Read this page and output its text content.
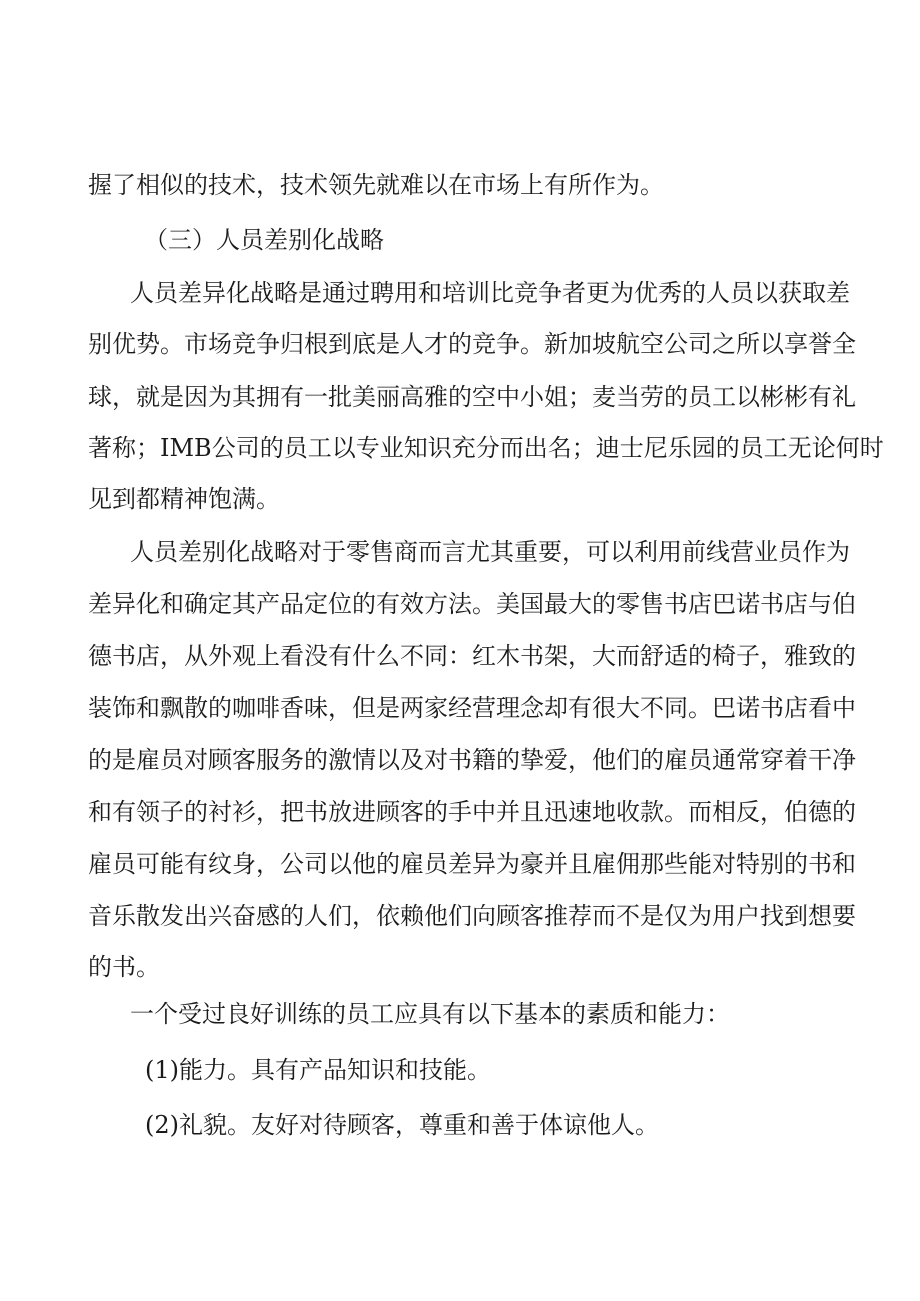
握了相似的技术，技术领先就难以在市场上有所作为。

（三）人员差别化战略

人员差异化战略是通过聘用和培训比竞争者更为优秀的人员以获取差

别优势。市场竞争归根到底是人才的竞争。新加坡航空公司之所以享誉全

球，就是因为其拥有一批美丽高雅的空中小姐；麦当劳的员工以彬彬有礼

著称；IMB公司的员工以专业知识充分而出名；迪士尼乐园的员工无论何时

见到都精神饱满。

人员差别化战略对于零售商而言尤其重要，可以利用前线营业员作为

差异化和确定其产品定位的有效方法。美国最大的零售书店巴诺书店与伯

德书店，从外观上看没有什么不同：红木书架，大而舒适的椅子，雅致的

装饰和飘散的咖啡香味，但是两家经营理念却有很大不同。巴诺书店看中

的是雇员对顾客服务的激情以及对书籍的挚爱，他们的雇员通常穿着干净

和有领子的衬衫，把书放进顾客的手中并且迅速地收款。而相反，伯德的

雇员可能有纹身，公司以他的雇员差异为豪并且雇佣那些能对特别的书和

音乐散发出兴奋感的人们，依赖他们向顾客推荐而不是仅为用户找到想要

的书。

一个受过良好训练的员工应具有以下基本的素质和能力：

(1)能力。具有产品知识和技能。

(2)礼貌。友好对待顾客，尊重和善于体谅他人。
